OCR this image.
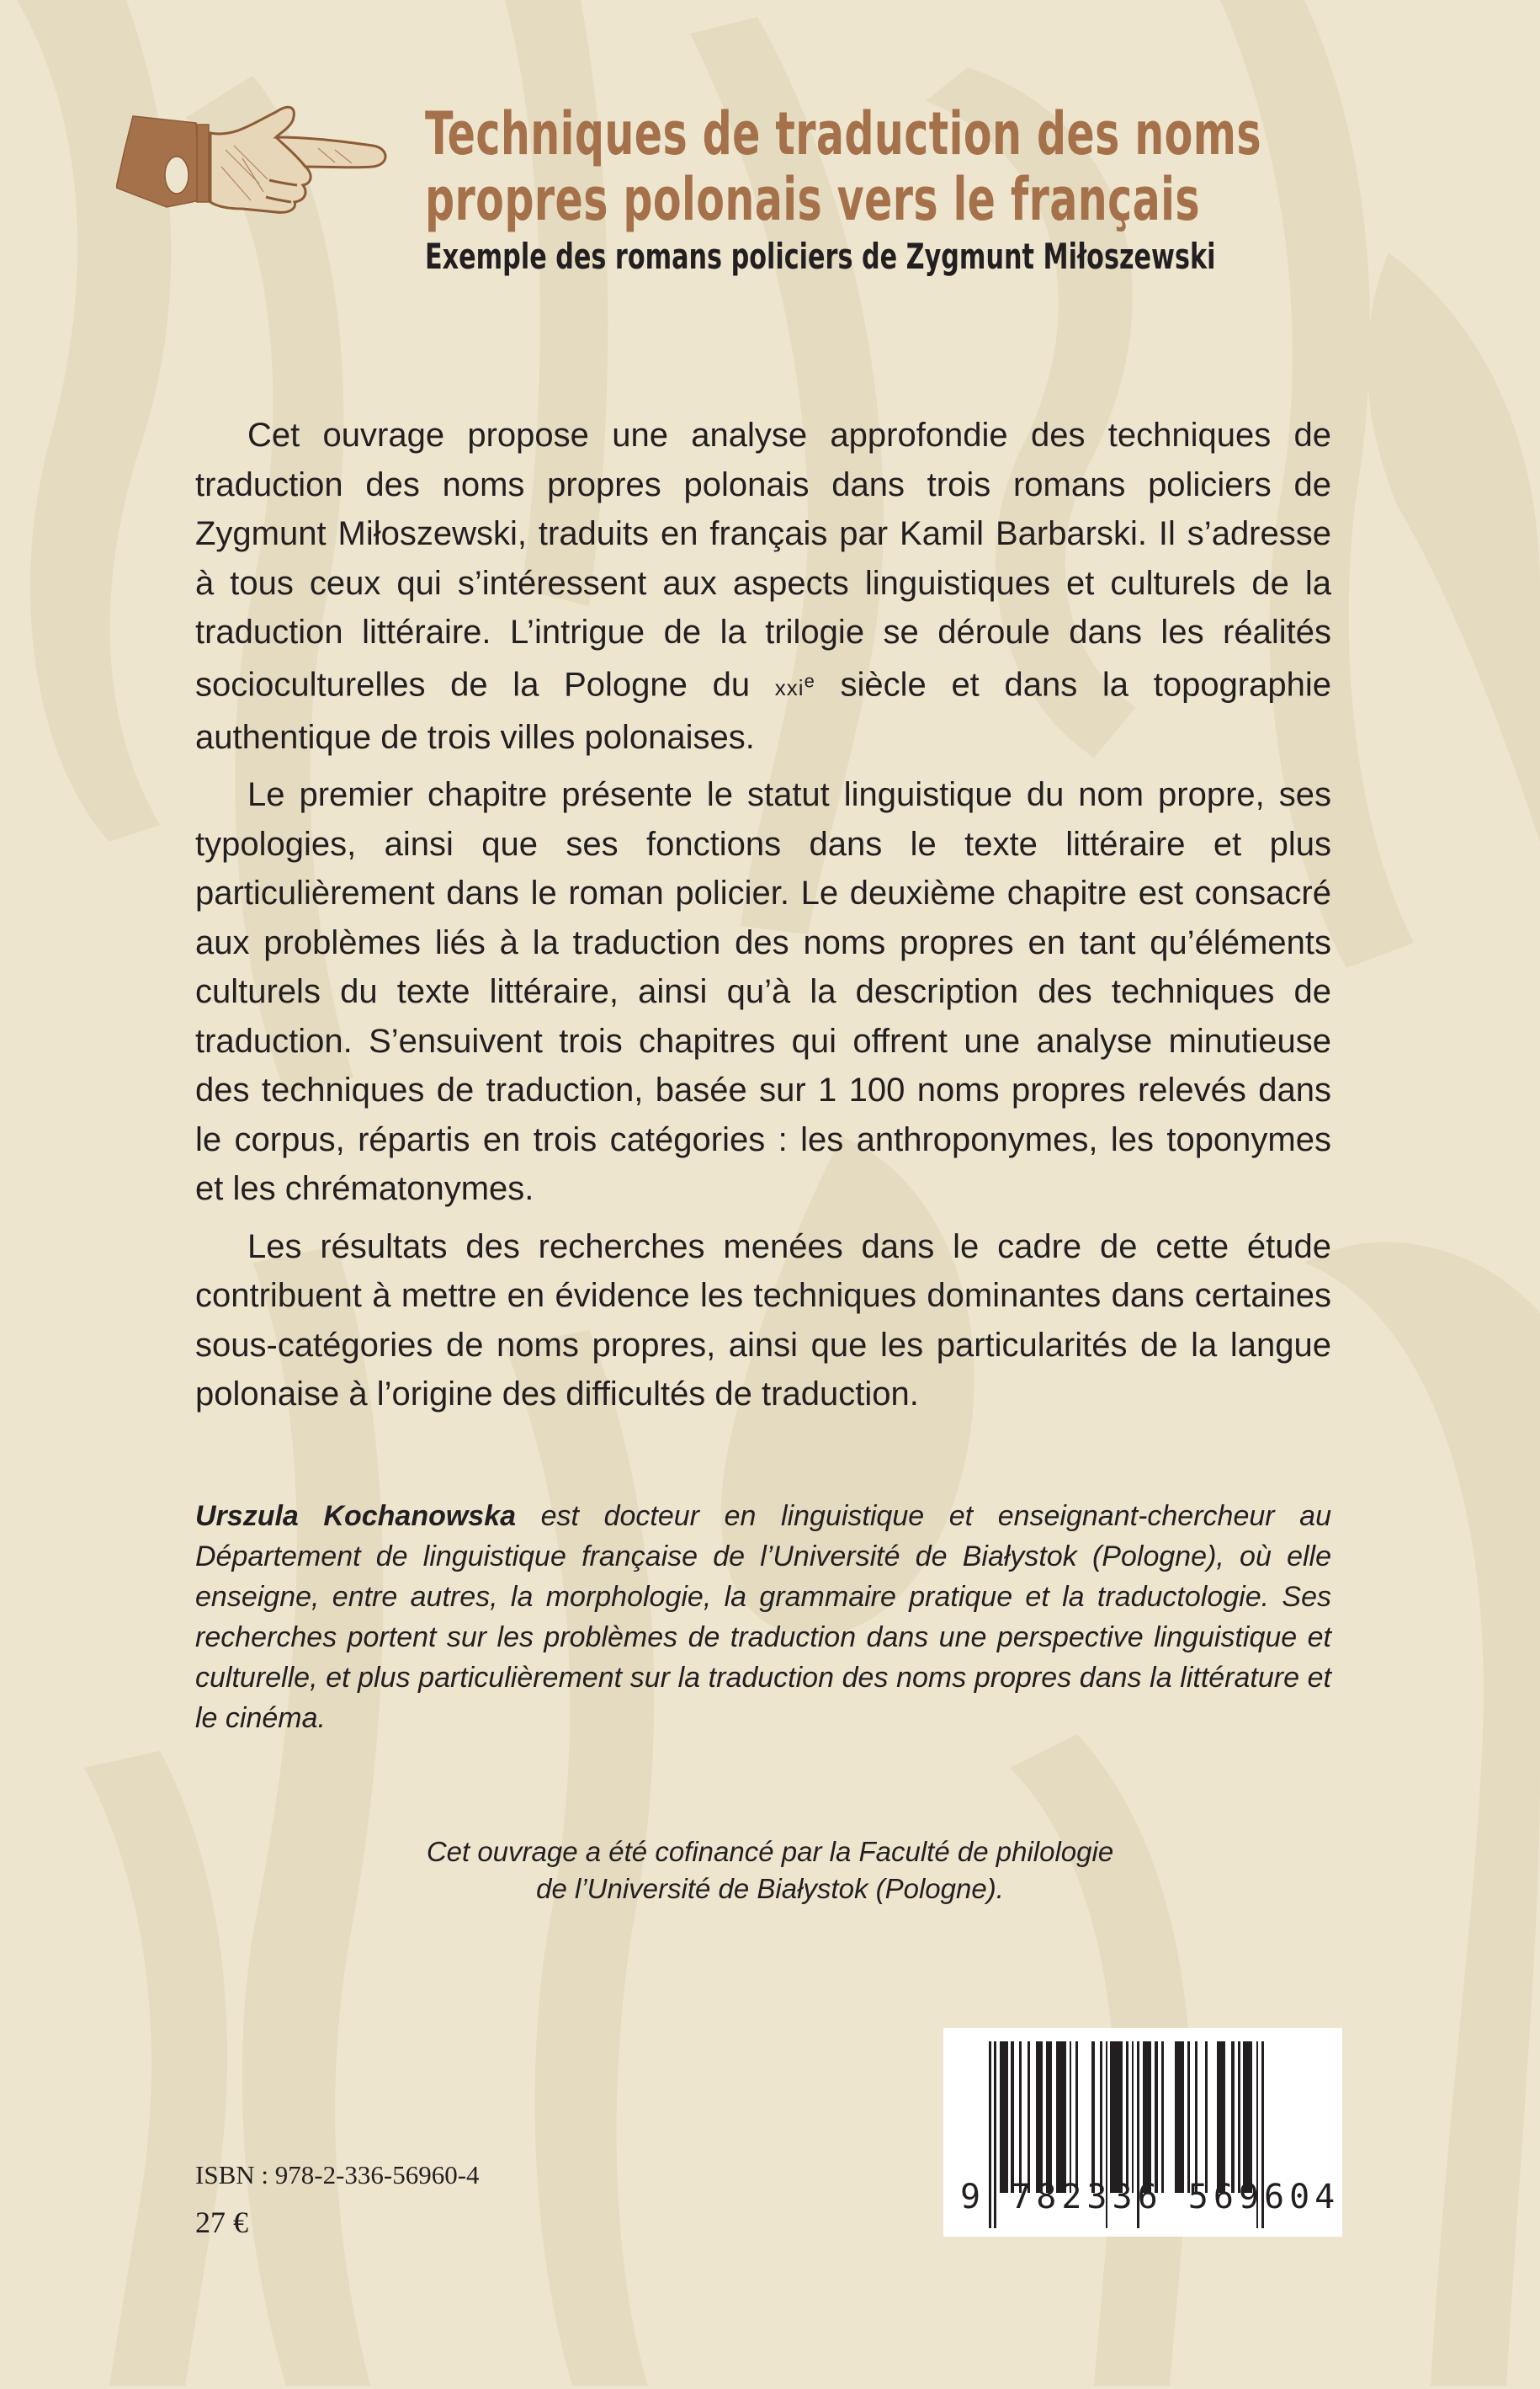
Techniques de traduction des noms
propres polonais vers le français
Exemple des romans policiers de Zygmunt Miłoszewski

Cet ouvrage propose une analyse approfondie des techniques de traduction des noms propres polonais dans trois romans policiers de Zygmunt Miłoszewski, traduits en français par Kamil Barbarski. Il s’adresse à tous ceux qui s’intéressent aux aspects linguistiques et culturels de la traduction littéraire. L’intrigue de la trilogie se déroule dans les réalités socioculturelles de la Pologne du xxi$^e$ siècle et dans la topographie authentique de trois villes polonaises.

Le premier chapitre présente le statut linguistique du nom propre, ses typologies, ainsi que ses fonctions dans le texte littéraire et plus particulièrement dans le roman policier. Le deuxième chapitre est consacré aux problèmes liés à la traduction des noms propres en tant qu’éléments culturels du texte littéraire, ainsi qu’à la description des techniques de traduction. S’ensuivent trois chapitres qui offrent une analyse minutieuse des techniques de traduction, basée sur 1 100 noms propres relevés dans le corpus, répartis en trois catégories : les anthroponymes, les toponymes et les chrématonymes.

Les résultats des recherches menées dans le cadre de cette étude contribuent à mettre en évidence les techniques dominantes dans certaines sous-catégories de noms propres, ainsi que les particularités de la langue polonaise à l’origine des difficultés de traduction.

Urszula Kochanowska est docteur en linguistique et enseignant-chercheur au Département de linguistique française de l’Université de Białystok (Pologne), où elle enseigne, entre autres, la morphologie, la grammaire pratique et la traductologie. Ses recherches portent sur les problèmes de traduction dans une perspective linguistique et culturelle, et plus particulièrement sur la traduction des noms propres dans la littérature et le cinéma.

Cet ouvrage a été cofinancé par la Faculté de philologie
de l’Université de Białystok (Pologne).
9 782336 569604
ISBN : 978-2-336-56960-4
27 €
